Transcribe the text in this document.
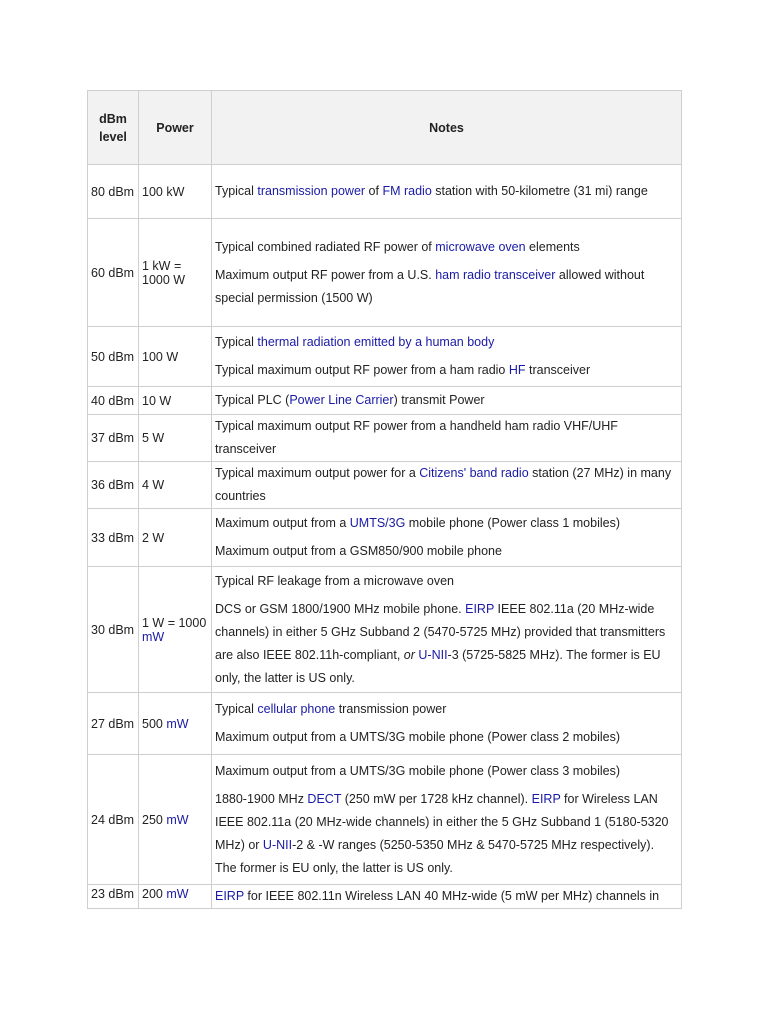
dBm level	Power	Notes
80 dBm	100 kW	Typical transmission power of FM radio station with 50-kilometre (31 mi) range

60 dBm	1 kW = 1000 W	Typical combined radiated RF power of microwave oven elements

Maximum output RF power from a U.S. ham radio transceiver allowed without special permission (1500 W)

50 dBm	100 W	Typical thermal radiation emitted by a human body

Typical maximum output RF power from a ham radio HF transceiver

40 dBm	10 W	Typical PLC (Power Line Carrier) transmit Power

37 dBm	5 W	Typical maximum output RF power from a handheld ham radio VHF/UHF transceiver

36 dBm	4 W	Typical maximum output power for a Citizens' band radio station (27 MHz) in many countries

33 dBm	2 W	Maximum output from a UMTS/3G mobile phone (Power class 1 mobiles)

Maximum output from a GSM850/900 mobile phone

30 dBm	1 W = 1000 mW	Typical RF leakage from a microwave oven

DCS or GSM 1800/1900 MHz mobile phone. EIRP IEEE 802.11a (20 MHz-wide channels) in either 5 GHz Subband 2 (5470-5725 MHz) provided that transmitters are also IEEE 802.11h-compliant, or U-NII-3 (5725-5825 MHz). The former is EU only, the latter is US only.

27 dBm	500 mW	Typical cellular phone transmission power

Maximum output from a UMTS/3G mobile phone (Power class 2 mobiles)

24 dBm	250 mW	Maximum output from a UMTS/3G mobile phone (Power class 3 mobiles)

1880-1900 MHz DECT (250 mW per 1728 kHz channel). EIRP for Wireless LAN IEEE 802.11a (20 MHz-wide channels) in either the 5 GHz Subband 1 (5180-5320 MHz) or U-NII-2 & -W ranges (5250-5350 MHz & 5470-5725 MHz respectively). The former is EU only, the latter is US only.

23 dBm	200 mW	EIRP for IEEE 802.11n Wireless LAN 40 MHz-wide (5 mW per MHz) channels in
